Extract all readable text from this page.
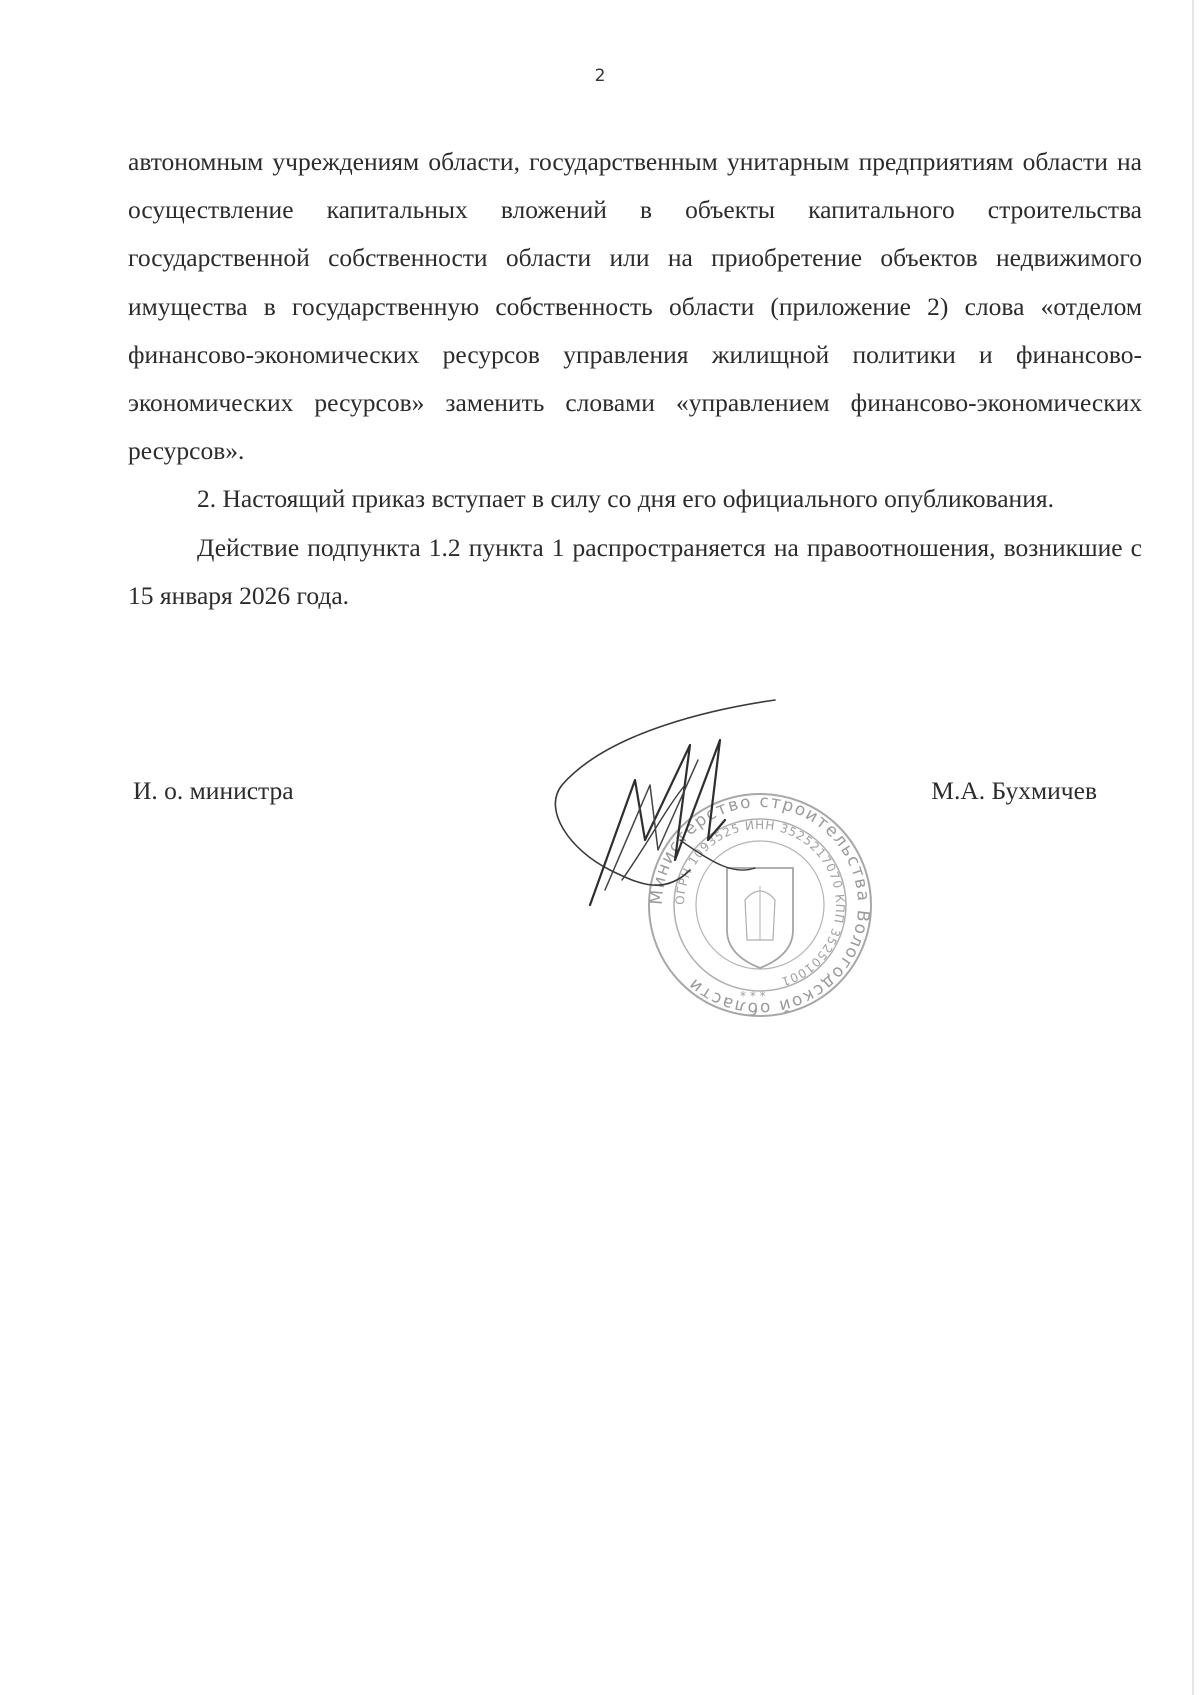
2

автономным учреждениям области, государственным унитарным предприятиям области на осуществление капитальных вложений в объекты капитального строительства государственной собственности области или на приобретение объектов недвижимого имущества в государственную собственность области (приложение 2) слова «отделом финансово-экономических ресурсов управления жилищной политики и финансово-экономических ресурсов» заменить словами «управлением финансово-экономических ресурсов».

2. Настоящий приказ вступает в силу со дня его официального опубликования.

Действие подпункта 1.2 пункта 1 распространяется на правоотношения, возникшие с 15 января 2026 года.

Министерство строительства Вологодской области
ОГРН 1093525 ИНН 3525217070 КПП 352501001
* * *
И. о. министра	М.А. Бухмичев
